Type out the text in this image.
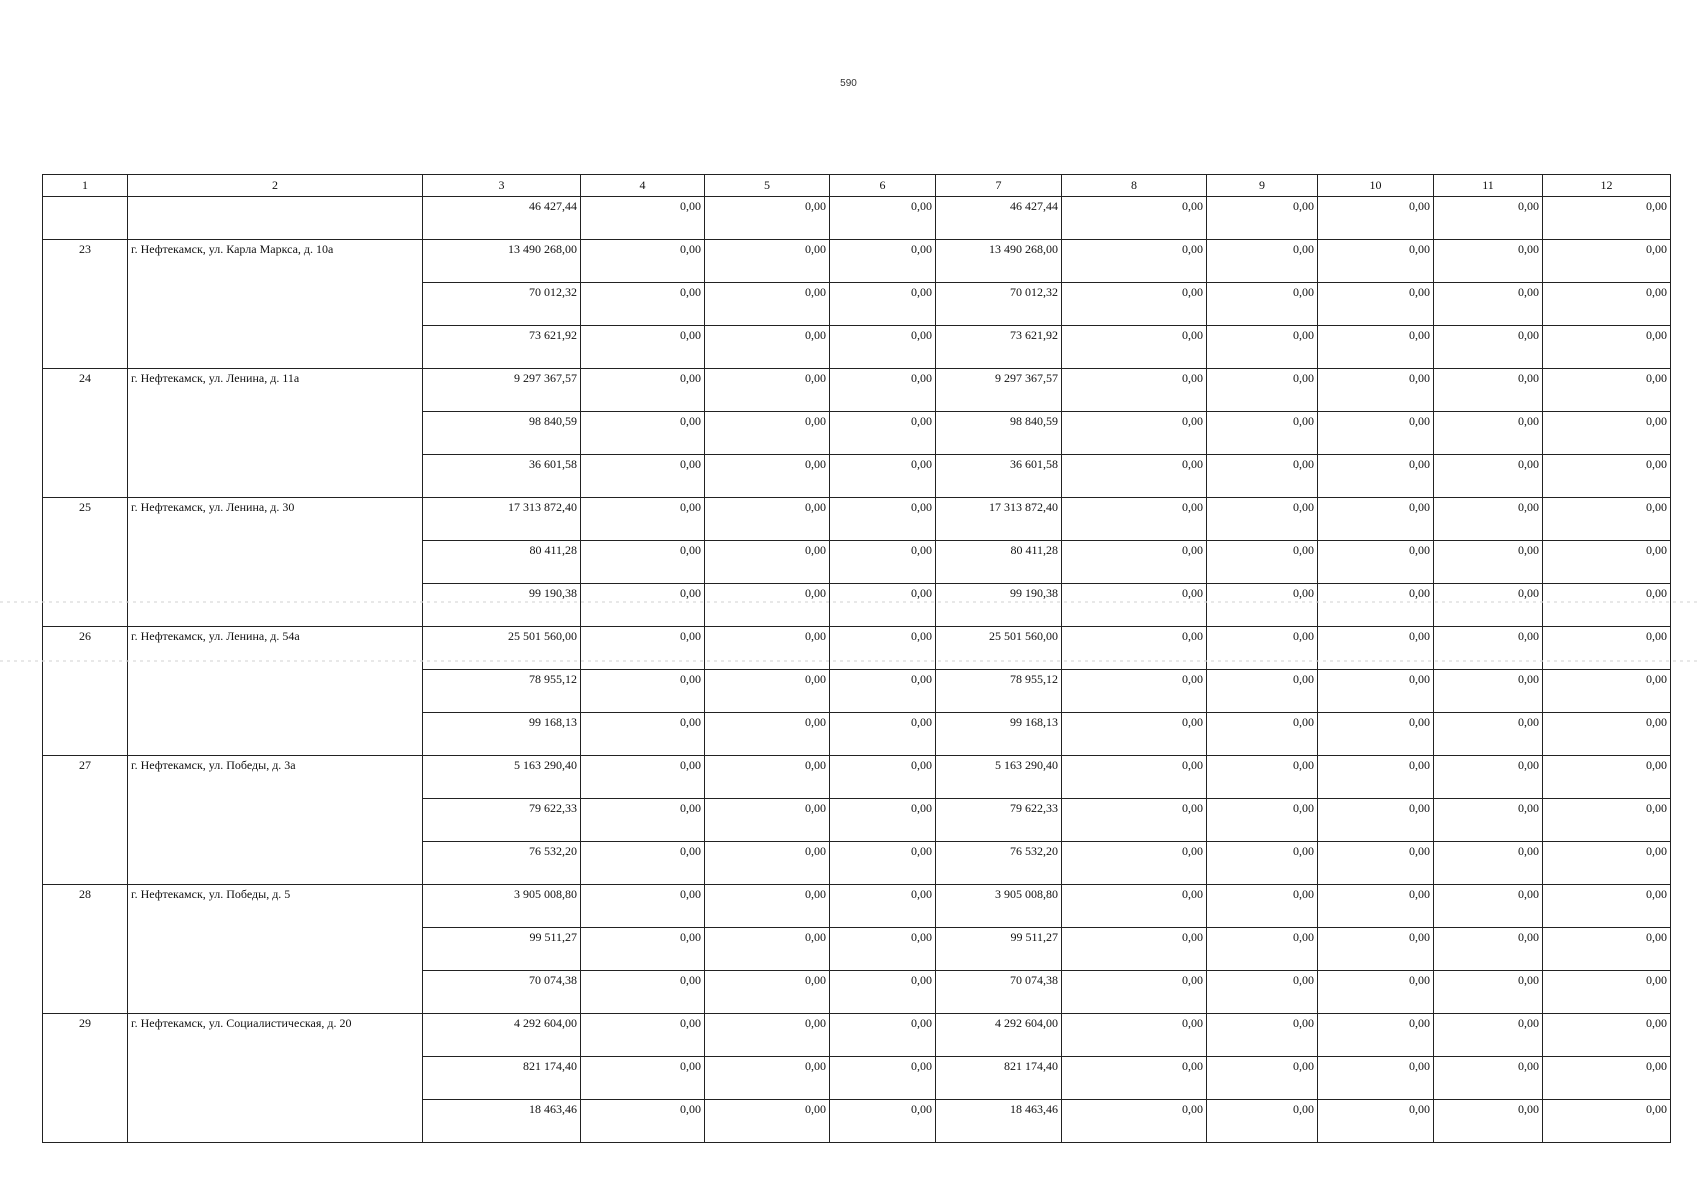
590
1	2	3	4	5	6	7	8	9	10	11	12
		46 427,44	0,00	0,00	0,00	46 427,44	0,00	0,00	0,00	0,00	0,00
23	г. Нефтекамск, ул. Карла Маркса, д. 10а	13 490 268,00	0,00	0,00	0,00	13 490 268,00	0,00	0,00	0,00	0,00	0,00
		70 012,32	0,00	0,00	0,00	70 012,32	0,00	0,00	0,00	0,00	0,00
		73 621,92	0,00	0,00	0,00	73 621,92	0,00	0,00	0,00	0,00	0,00
24	г. Нефтекамск, ул. Ленина, д. 11а	9 297 367,57	0,00	0,00	0,00	9 297 367,57	0,00	0,00	0,00	0,00	0,00
		98 840,59	0,00	0,00	0,00	98 840,59	0,00	0,00	0,00	0,00	0,00
		36 601,58	0,00	0,00	0,00	36 601,58	0,00	0,00	0,00	0,00	0,00
25	г. Нефтекамск, ул. Ленина, д. 30	17 313 872,40	0,00	0,00	0,00	17 313 872,40	0,00	0,00	0,00	0,00	0,00
		80 411,28	0,00	0,00	0,00	80 411,28	0,00	0,00	0,00	0,00	0,00
		99 190,38	0,00	0,00	0,00	99 190,38	0,00	0,00	0,00	0,00	0,00
26	г. Нефтекамск, ул. Ленина, д. 54а	25 501 560,00	0,00	0,00	0,00	25 501 560,00	0,00	0,00	0,00	0,00	0,00
		78 955,12	0,00	0,00	0,00	78 955,12	0,00	0,00	0,00	0,00	0,00
		99 168,13	0,00	0,00	0,00	99 168,13	0,00	0,00	0,00	0,00	0,00
27	г. Нефтекамск, ул. Победы, д. 3а	5 163 290,40	0,00	0,00	0,00	5 163 290,40	0,00	0,00	0,00	0,00	0,00
		79 622,33	0,00	0,00	0,00	79 622,33	0,00	0,00	0,00	0,00	0,00
		76 532,20	0,00	0,00	0,00	76 532,20	0,00	0,00	0,00	0,00	0,00
28	г. Нефтекамск, ул. Победы, д. 5	3 905 008,80	0,00	0,00	0,00	3 905 008,80	0,00	0,00	0,00	0,00	0,00
		99 511,27	0,00	0,00	0,00	99 511,27	0,00	0,00	0,00	0,00	0,00
		70 074,38	0,00	0,00	0,00	70 074,38	0,00	0,00	0,00	0,00	0,00
29	г. Нефтекамск, ул. Социалистическая, д. 20	4 292 604,00	0,00	0,00	0,00	4 292 604,00	0,00	0,00	0,00	0,00	0,00
		821 174,40	0,00	0,00	0,00	821 174,40	0,00	0,00	0,00	0,00	0,00
		18 463,46	0,00	0,00	0,00	18 463,46	0,00	0,00	0,00	0,00	0,00
